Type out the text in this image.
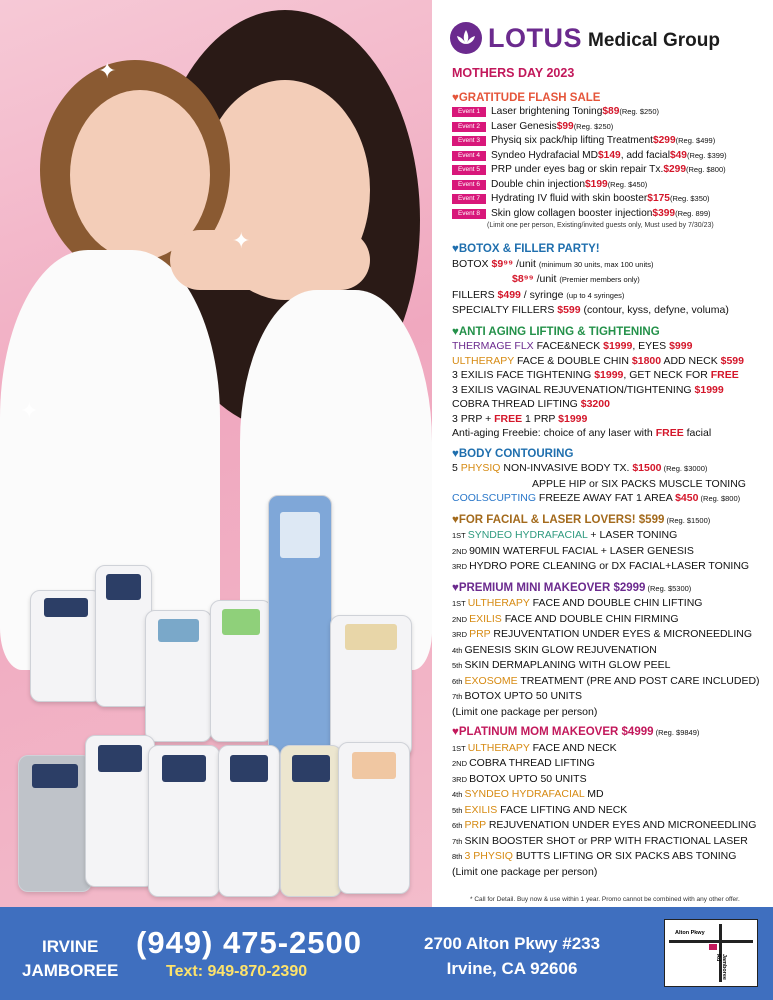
✦
✦
✦
LOTUS Medical Group
MOTHERS DAY 2023
♥GRATITUDE FLASH SALE
Event 1	Laser brightening Toning $89 (Reg. $250)
Event 2	Laser Genesis $99 (Reg. $250)
Event 3	Physiq six pack/hip lifting Treatment $299 (Reg. $499)
Event 4	Syndeo Hydrafacial MD $149 , add facial $49 (Reg. $399)
Event 5	PRP under eyes bag or skin repair Tx. $299 (Reg. $800)
Event 6	Double chin injection $199 (Reg. $450)
Event 7	Hydrating IV fluid with skin booster $175 (Reg. $350)
Event 8	Skin glow collagen booster injection $399 (Reg. 899)
(Limit one per person, Existing/invited guests only, Must used by 7/30/23)
♥BOTOX & FILLER PARTY!
BOTOX $9⁹⁹ /unit (minimum 30 units, max 100 units)
$8⁹⁹ /unit (Premier members only)
FILLERS $499 / syringe (up to 4 syringes)
SPECIALTY FILLERS $599 (contour, kyss, defyne, voluma)
♥ANTI AGING LIFTING & TIGHTENING
THERMAGE FLX FACE&NECK $1999, EYES $999
ULTHERAPY FACE & DOUBLE CHIN $1800 ADD NECK $599
3 EXILIS FACE TIGHTENING $1999, GET NECK FOR FREE
3 EXILIS VAGINAL REJUVENATION/TIGHTENING $1999
COBRA THREAD LIFTING $3200
3 PRP + FREE 1 PRP $1999
Anti-aging Freebie: choice of any laser with FREE facial
♥BODY CONTOURING
5 PHYSIQ NON-INVASIVE BODY TX. $1500 (Reg. $3000)
APPLE HIP or SIX PACKS MUSCLE TONING
COOLSCUPTING FREEZE AWAY FAT 1 AREA $450 (Reg. $800)
♥FOR FACIAL & LASER LOVERS! $599 (Reg. $1500)
1ST SYNDEO HYDRAFACIAL + LASER TONING
2ND 90MIN WATERFUL FACIAL + LASER GENESIS
3RD HYDRO PORE CLEANING or DX FACIAL+LASER TONING
♥PREMIUM MINI MAKEOVER $2999 (Reg. $5300)
1ST ULTHERAPY FACE AND DOUBLE CHIN LIFTING
2ND EXILIS FACE AND DOUBLE CHIN FIRMING
3RD PRP REJUVENTATION UNDER EYES & MICRONEEDLING
4th GENESIS SKIN GLOW REJUVENATION
5th SKIN DERMAPLANING WITH GLOW PEEL
6th EXOSOME TREATMENT (PRE AND POST CARE INCLUDED)
7th BOTOX UPTO 50 UNITS
(Limit one package per person)
♥PLATINUM MOM MAKEOVER $4999 (Reg. $9849)
1ST ULTHERAPY FACE AND NECK
2ND COBRA THREAD LIFTING
3RD BOTOX UPTO 50 UNITS
4th SYNDEO HYDRAFACIAL MD
5th EXILIS FACE LIFTING AND NECK
6th PRP REJUVENATION UNDER EYES AND MICRONEEDLING
7th SKIN BOOSTER SHOT or PRP WITH FRACTIONAL LASER
8th 3 PHYSIQ BUTTS LIFTING OR SIX PACKS ABS TONING
(Limit one package per person)
* Call for Detail. Buy now & use within 1 year. Promo cannot be combined with any other offer.
IRVINE
JAMBOREE
(949) 475-2500
Text: 949-870-2390
2700 Alton Pkwy #233
Irvine, CA 92606
Alton Pkwy
Jamboree Rd
